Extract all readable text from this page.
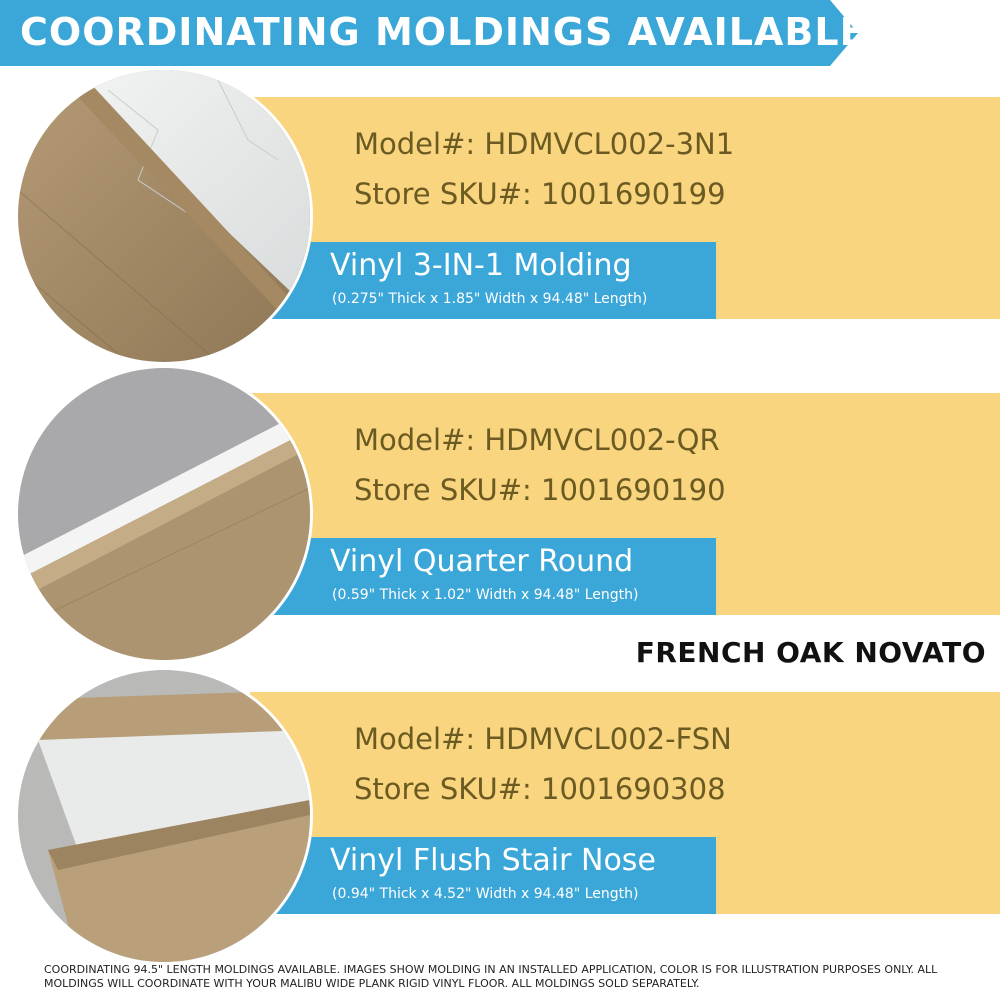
COORDINATING MOLDINGS AVAILABLE
Model#: HDMVCL002-3N1
Store SKU#: 1001690199
Vinyl 3-IN-1 Molding
(0.275" Thick x 1.85" Width x 94.48" Length)
Model#: HDMVCL002-QR
Store SKU#: 1001690190
Vinyl Quarter Round
(0.59" Thick x 1.02" Width x 94.48" Length)
FRENCH OAK NOVATO
Model#: HDMVCL002-FSN
Store SKU#: 1001690308
Vinyl Flush Stair Nose
(0.94" Thick x 4.52" Width x 94.48" Length)
COORDINATING 94.5" LENGTH MOLDINGS AVAILABLE. IMAGES SHOW MOLDING IN AN INSTALLED APPLICATION, COLOR IS FOR ILLUSTRATION PURPOSES ONLY. ALL MOLDINGS WILL COORDINATE WITH YOUR MALIBU WIDE PLANK RIGID VINYL FLOOR. ALL MOLDINGS SOLD SEPARATELY.
